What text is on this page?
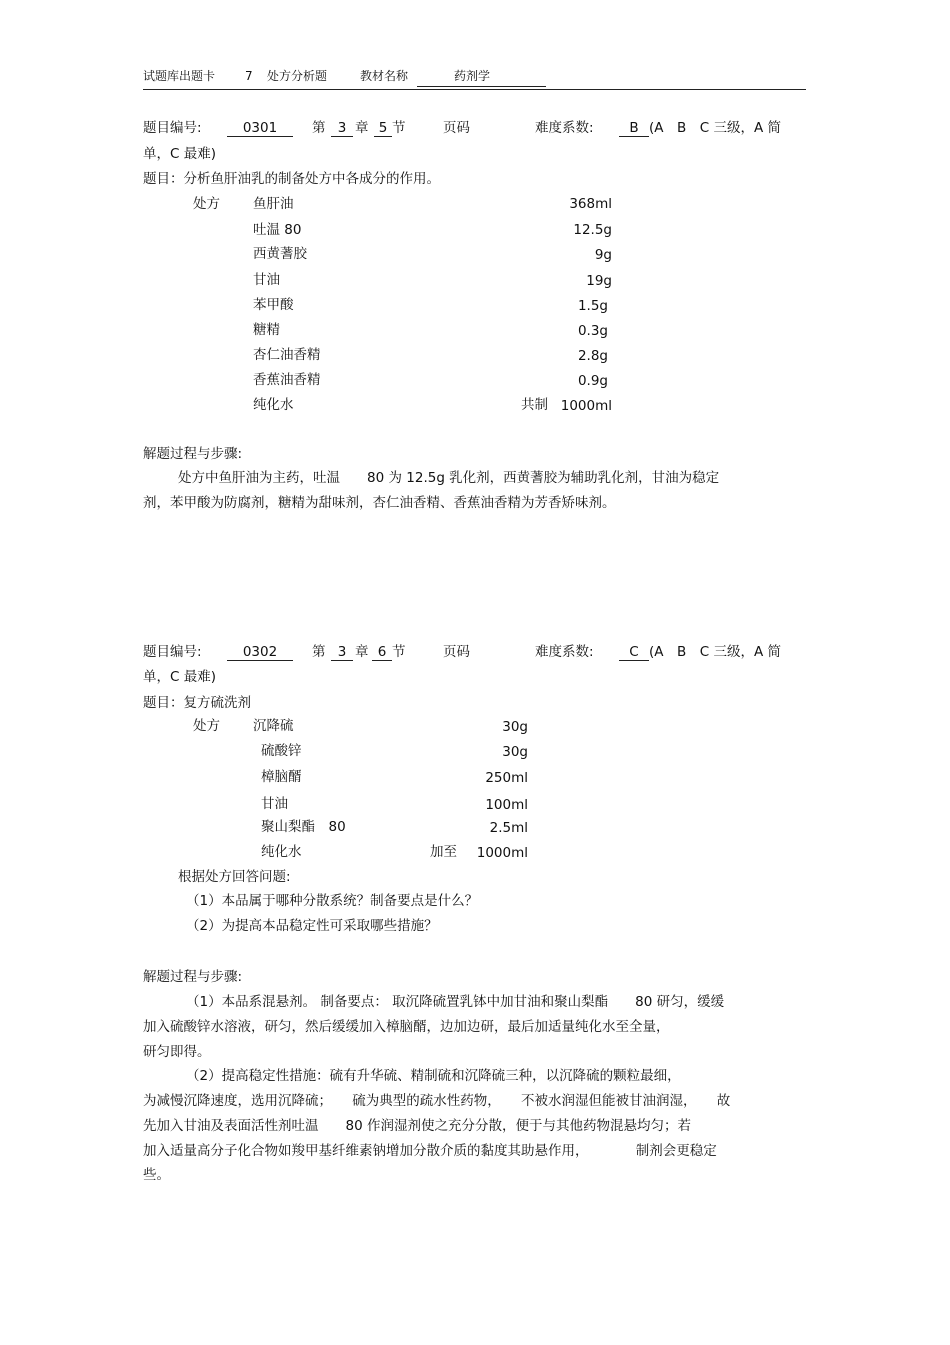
试题库出题卡 7 处方分析题	教材名称	药剂学
题目编号:	0301	第 3 章 5 节	页码	难度系数:	B (A　B　C 三级，A 简
单，C 最难)
题目：分析鱼肝油乳的制备处方中各成分的作用。
处方 鱼肝油	368ml
吐温 80	12.5g
西黄蓍胶	9g
甘油	19g
苯甲酸	1.5g
糖精	0.3g
杏仁油香精	2.8g
香蕉油香精	0.9g
纯化水	共制 1000ml
解题过程与步骤:
处方中鱼肝油为主药，吐温　　80 为 12.5g 乳化剂，西黄蓍胶为辅助乳化剂，甘油为稳定
剂，苯甲酸为防腐剂，糖精为甜味剂，杏仁油香精、香蕉油香精为芳香矫味剂。
题目编号:	0302	第 3 章 6 节	页码	难度系数:	C (A　B　C 三级，A 简
单，C 最难)
题目：复方硫洗剂
处方 沉降硫	30g
硫酸锌	30g
樟脑醑	250ml
甘油	100ml
聚山梨酯　80	2.5ml
纯化水	加至	1000ml
根据处方回答问题:
（1）本品属于哪种分散系统？制备要点是什么？
（2）为提高本品稳定性可采取哪些措施？
解题过程与步骤:
（1）本品系混悬剂。 制备要点： 取沉降硫置乳钵中加甘油和聚山梨酯　　80 研匀，缓缓
加入硫酸锌水溶液，研匀，然后缓缓加入樟脑醑，边加边研，最后加适量纯化水至全量，
研匀即得。
（2）提高稳定性措施：硫有升华硫、精制硫和沉降硫三种，以沉降硫的颗粒最细，
为减慢沉降速度，选用沉降硫；　　硫为典型的疏水性药物，　　不被水润湿但能被甘油润湿，　　故
先加入甘油及表面活性剂吐温　　80 作润湿剂使之充分分散，便于与其他药物混悬均匀；若
加入适量高分子化合物如羧甲基纤维素钠增加分散介质的黏度其助悬作用，　　　　制剂会更稳定
些。
